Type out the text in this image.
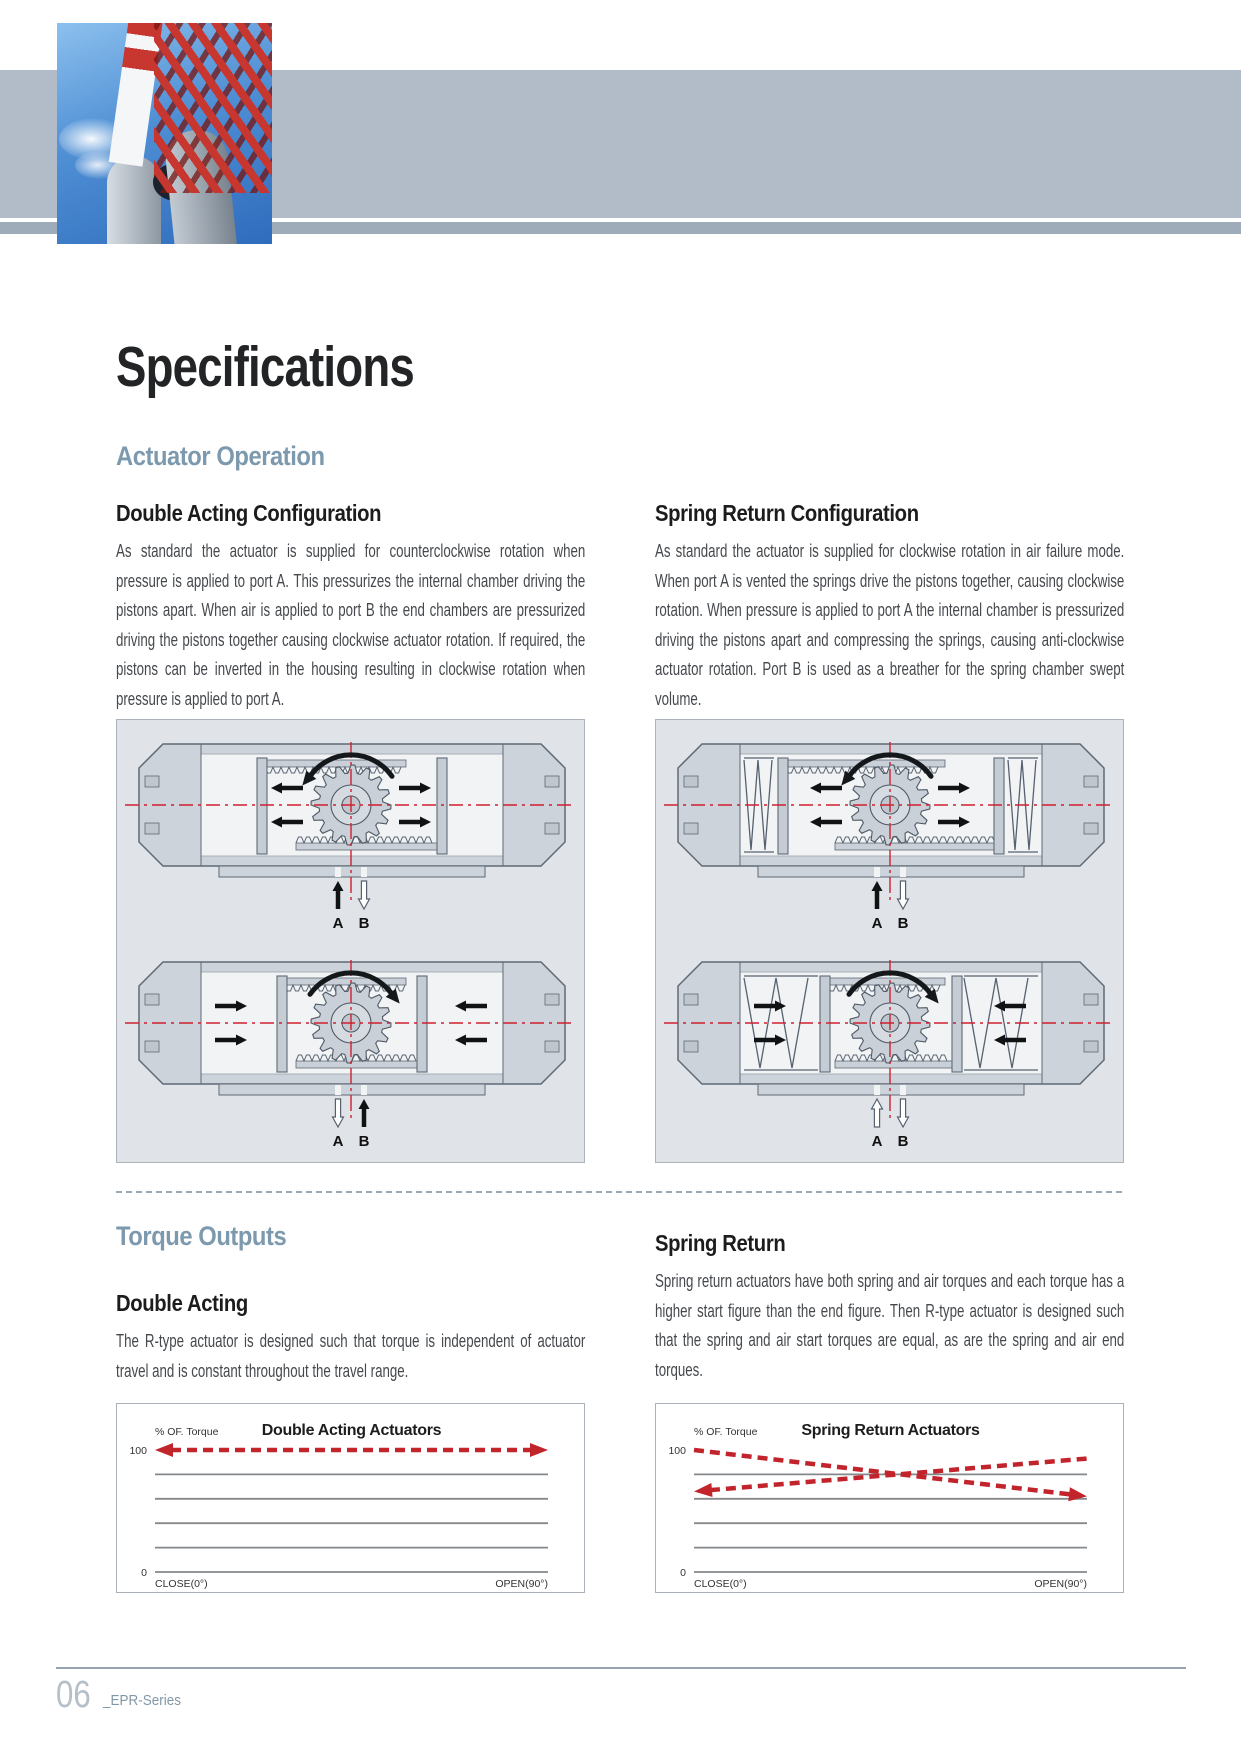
Specifications
Actuator Operation
Double Acting Configuration
As standard the actuator is supplied for counterclockwise rotation when pressure is applied to port A. This pressurizes the internal chamber driving the pistons apart. When air is applied to port B the end chambers are pressurized driving the pistons together causing clockwise actuator rotation. If required, the pistons can be inverted in the housing resulting in clockwise rotation when pressure is applied to port A.
Spring Return Configuration
As standard the actuator is supplied for clockwise rotation in air failure mode. When port A is vented the springs drive the pistons together, causing clockwise rotation. When pressure is applied to port A the internal chamber is pressurized driving the pistons apart and compressing the springs, causing anti-clockwise actuator rotation. Port B is used as a breather for the spring chamber swept volume.
A B
A B
A B
A B
Torque Outputs
Double Acting
The R-type actuator is designed such that torque is independent of actuator travel and is constant throughout the travel range.
Spring Return
Spring return actuators have both spring and air torques and each torque has a higher start figure than the end figure. Then R-type actuator is designed such that the spring and air start torques are equal, as are the spring and air end torques.
Double Acting Actuators
% OF. Torque
100
0
CLOSE(0°)	OPEN(90°)
Spring Return Actuators
% OF. Torque
100
0
CLOSE(0°)	OPEN(90°)
06 _EPR-Series
